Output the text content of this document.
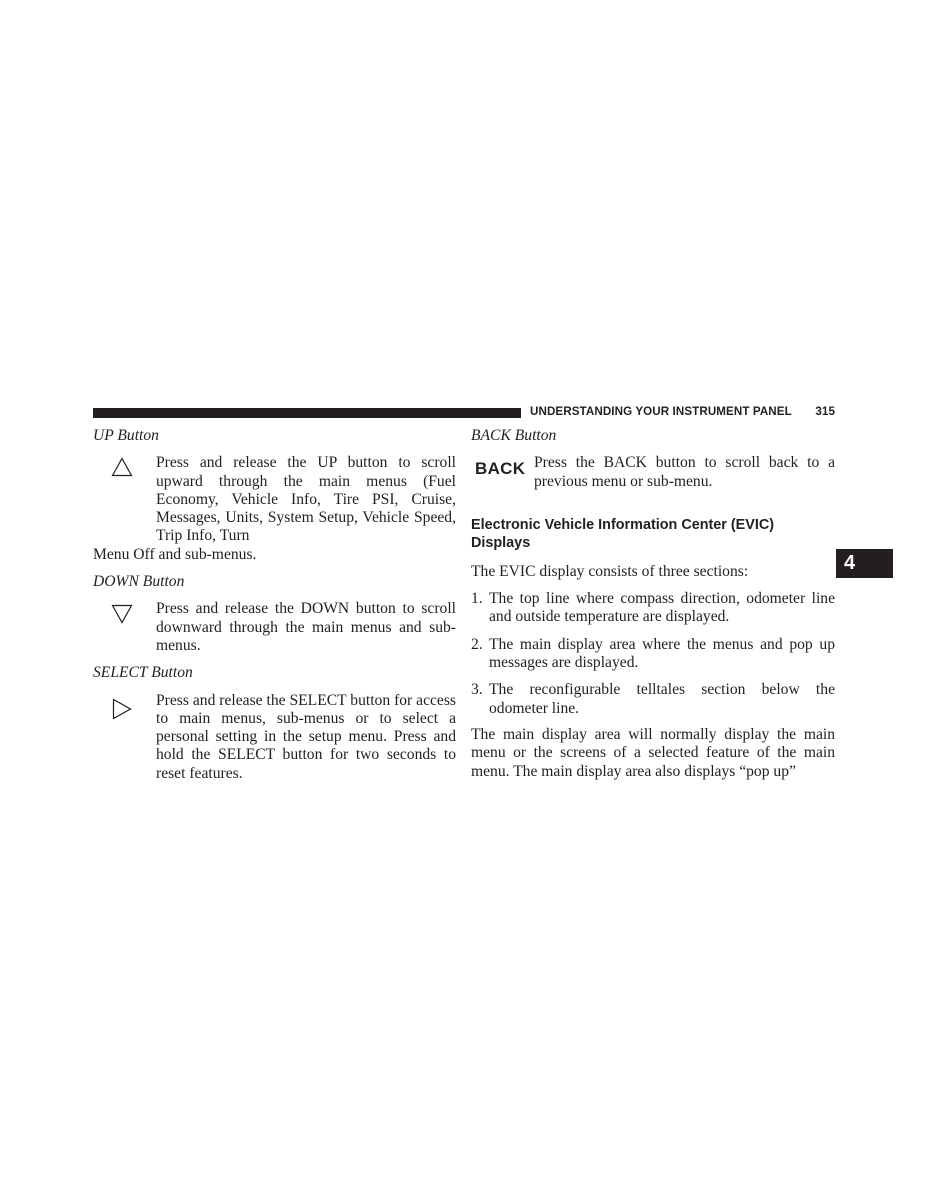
UNDERSTANDING YOUR INSTRUMENT PANEL 315
4
UP Button
Press and release the UP button to scroll upward through the main menus (Fuel Economy, Vehicle Info, Tire PSI, Cruise, Messages, Units, System Setup, Vehicle Speed, Trip Info, Turn
Menu Off and sub-menus.
DOWN Button
Press and release the DOWN button to scroll downward through the main menus and sub-menus.
SELECT Button
Press and release the SELECT button for access to main menus, sub-menus or to select a personal setting in the setup menu. Press and hold the SELECT button for two seconds to reset features.
BACK Button
BACK Press the BACK button to scroll back to a previous menu or sub-menu.
Electronic Vehicle Information Center (EVIC) Displays
The EVIC display consists of three sections:
1. The top line where compass direction, odometer line and outside temperature are displayed.
2. The main display area where the menus and pop up messages are displayed.
3. The reconfigurable telltales section below the odometer line.
The main display area will normally display the main menu or the screens of a selected feature of the main menu. The main display area also displays “pop up”
